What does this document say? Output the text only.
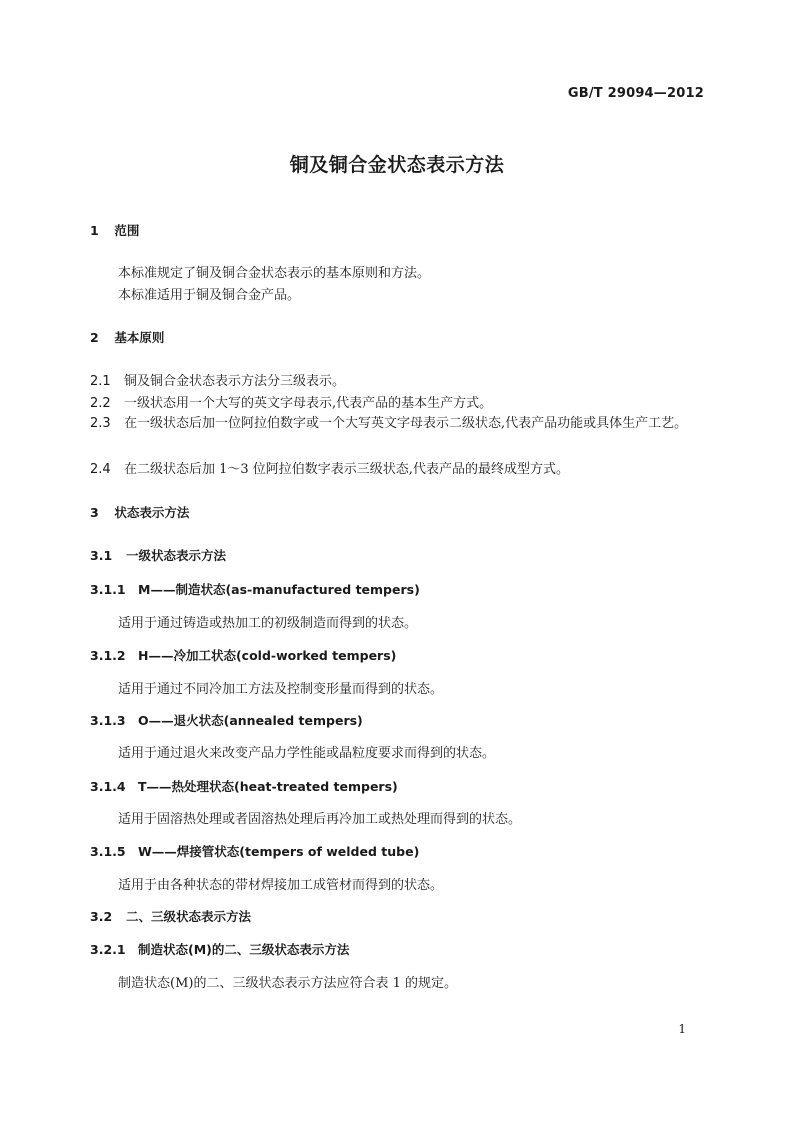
GB/T 29094—2012
铜及铜合金状态表示方法
1 范围
本标准规定了铜及铜合金状态表示的基本原则和方法。
本标准适用于铜及铜合金产品。
2 基本原则
2.1 铜及铜合金状态表示方法分三级表示。
2.2 一级状态用一个大写的英文字母表示,代表产品的基本生产方式。
2.3 在一级状态后加一位阿拉伯数字或一个大写英文字母表示二级状态,代表产品功能或具体生产工艺。
2.4 在二级状态后加 1～3 位阿拉伯数字表示三级状态,代表产品的最终成型方式。
3 状态表示方法
3.1 一级状态表示方法
3.1.1 M——制造状态(as-manufactured tempers)
适用于通过铸造或热加工的初级制造而得到的状态。
3.1.2 H——冷加工状态(cold-worked tempers)
适用于通过不同冷加工方法及控制变形量而得到的状态。
3.1.3 O——退火状态(annealed tempers)
适用于通过退火来改变产品力学性能或晶粒度要求而得到的状态。
3.1.4 T——热处理状态(heat-treated tempers)
适用于固溶热处理或者固溶热处理后再冷加工或热处理而得到的状态。
3.1.5 W——焊接管状态(tempers of welded tube)
适用于由各种状态的带材焊接加工成管材而得到的状态。
3.2 二、三级状态表示方法
3.2.1 制造状态(M)的二、三级状态表示方法
制造状态(M)的二、三级状态表示方法应符合表 1 的规定。
1
